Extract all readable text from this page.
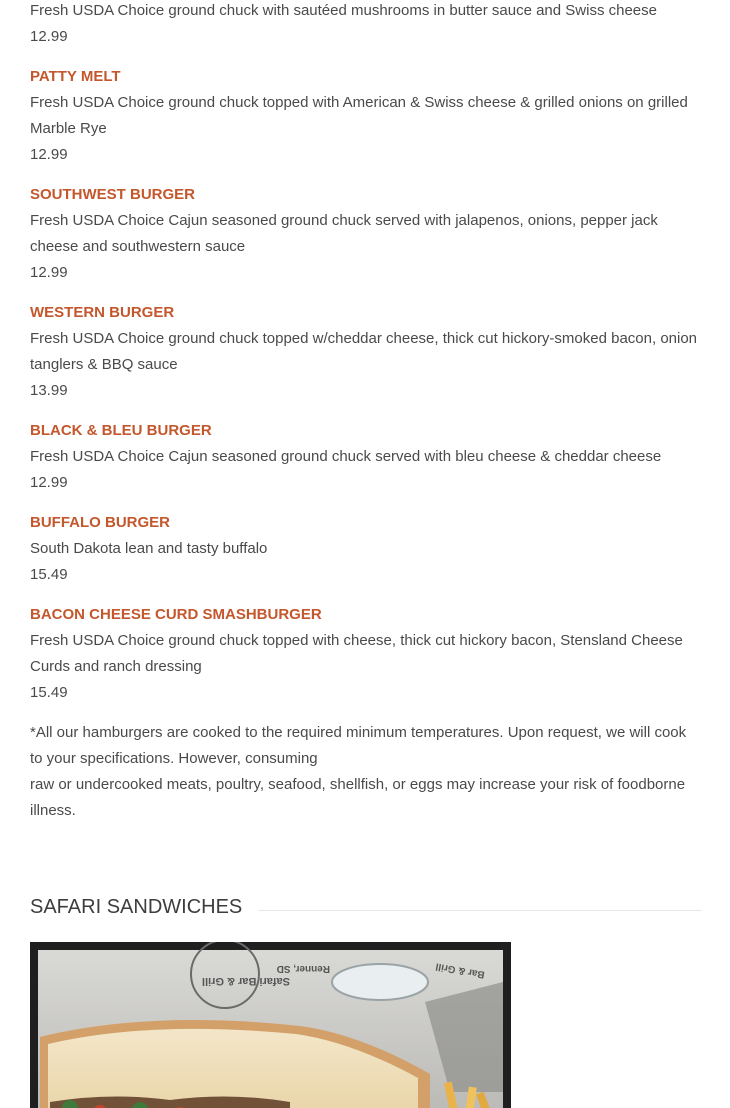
Fresh USDA Choice ground chuck with sautéed mushrooms in butter sauce and Swiss cheese

12.99

PATTY MELT

Fresh USDA Choice ground chuck topped with American & Swiss cheese & grilled onions on grilled Marble Rye

12.99

SOUTHWEST BURGER

Fresh USDA Choice Cajun seasoned ground chuck served with jalapenos, onions, pepper jack cheese and southwestern sauce

12.99

WESTERN BURGER

Fresh USDA Choice ground chuck topped w/cheddar cheese, thick cut hickory-smoked bacon, onion tanglers & BBQ sauce

13.99

BLACK & BLEU BURGER

Fresh USDA Choice Cajun seasoned ground chuck served with bleu cheese & cheddar cheese

12.99

BUFFALO BURGER

South Dakota lean and tasty buffalo

15.49

BACON CHEESE CURD SMASHBURGER

Fresh USDA Choice ground chuck topped with cheese, thick cut hickory bacon, Stensland Cheese Curds and ranch dressing

15.49

*All our hamburgers are cooked to the required minimum temperatures. Upon request, we will cook to your specifications. However, consuming
raw or undercooked meats, poultry, seafood, shellfish, or eggs may increase your risk of foodborne illness.
SAFARI SANDWICHES
Safari Bar & Grill
Renner, SD	Bar & Grill
